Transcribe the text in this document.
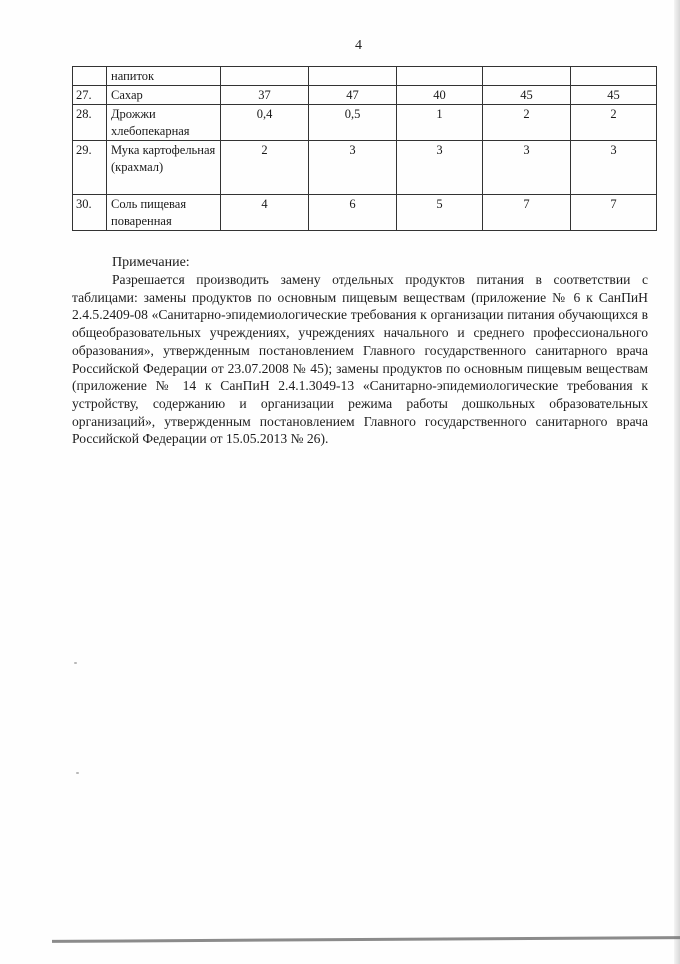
4
	напиток					
27.	Сахар	37	47	40	45	45
28.	Дрожжи хлебопекарная	0,4	0,5	1	2	2
29.	Мука картофельная (крахмал)	2	3	3	3	3
30.	Соль пищевая поваренная	4	6	5	7	7
Примечание:

Разрешается производить замену отдельных продуктов питания в соответствии с таблицами: замены продуктов по основным пищевым веществам (приложение № 6 к СанПиН 2.4.5.2409-08 «Санитарно-эпидемиологические требования к организации питания обучающихся в общеобразовательных учреждениях, учреждениях начального и среднего профессионального образования», утвержденным постановлением Главного государственного санитарного врача Российской Федерации от 23.07.2008 № 45); замены продуктов по основным пищевым веществам (приложение № 14 к СанПиН 2.4.1.3049-13 «Санитарно-эпидемиологические требования к устройству, содержанию и организации режима работы дошкольных образовательных организаций», утвержденным постановлением Главного государственного санитарного врача Российской Федерации от 15.05.2013 № 26).
